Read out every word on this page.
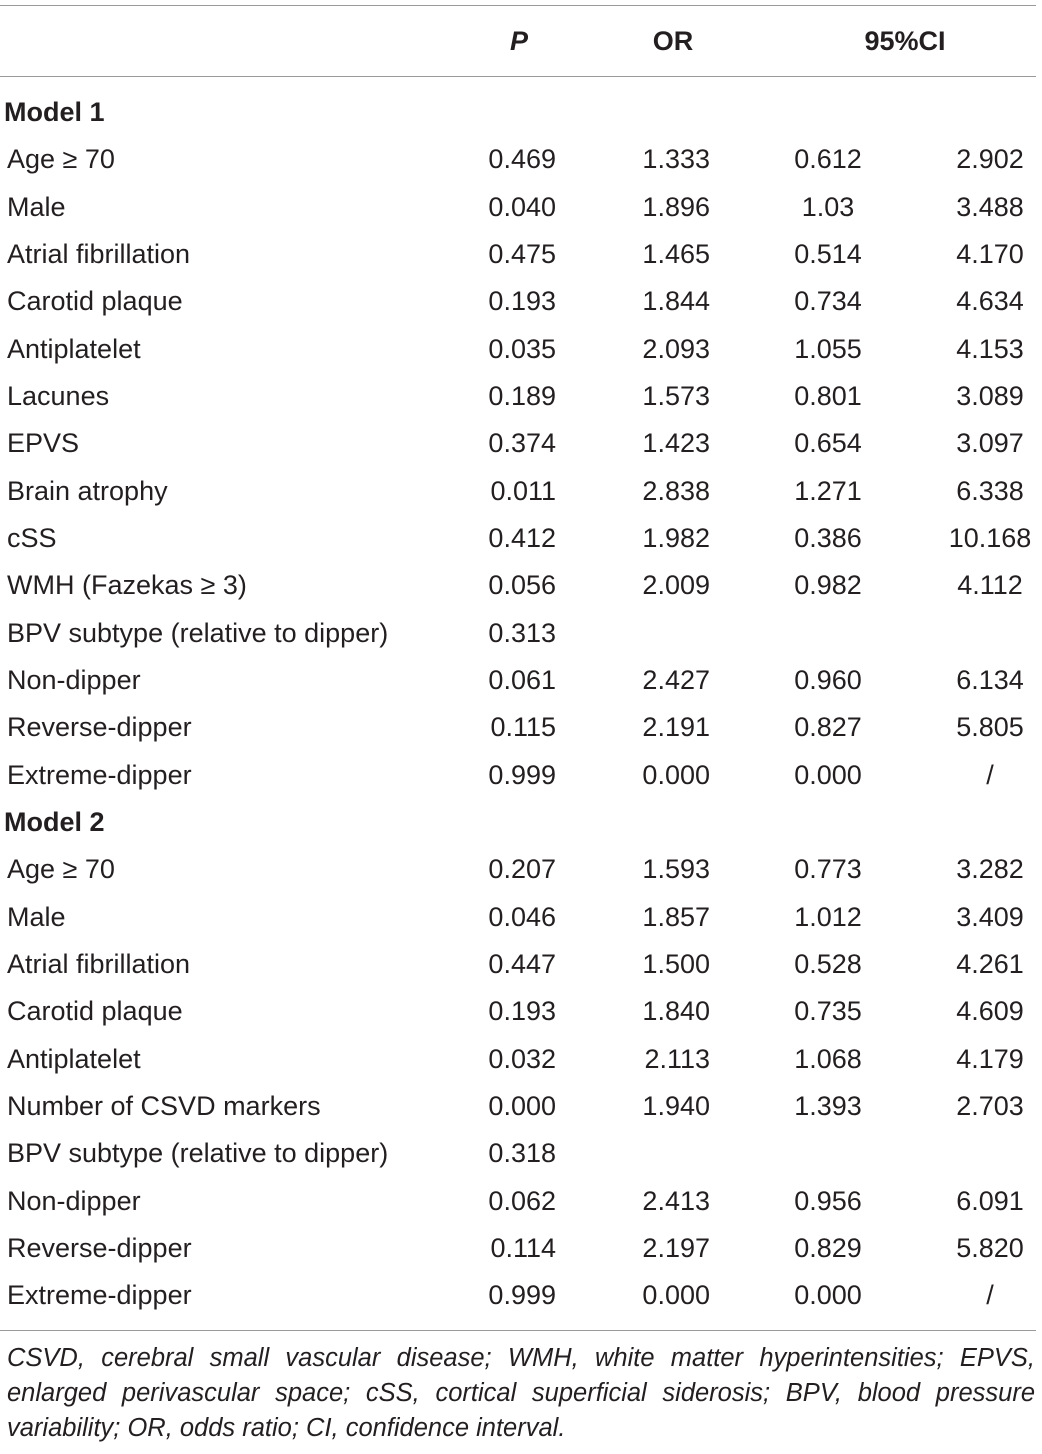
P	OR	95%CI
Model 1
Age ≥ 70	0.469	1.333	0.612	2.902
Male	0.040	1.896	1.03	3.488
Atrial fibrillation	0.475	1.465	0.514	4.170
Carotid plaque	0.193	1.844	0.734	4.634
Antiplatelet	0.035	2.093	1.055	4.153
Lacunes	0.189	1.573	0.801	3.089
EPVS	0.374	1.423	0.654	3.097
Brain atrophy	0.011	2.838	1.271	6.338
cSS	0.412	1.982	0.386	10.168
WMH (Fazekas ≥ 3)	0.056	2.009	0.982	4.112
BPV subtype (relative to dipper)	0.313
Non-dipper	0.061	2.427	0.960	6.134
Reverse-dipper	0.115	2.191	0.827	5.805
Extreme-dipper	0.999	0.000	0.000	/
Model 2
Age ≥ 70	0.207	1.593	0.773	3.282
Male	0.046	1.857	1.012	3.409
Atrial fibrillation	0.447	1.500	0.528	4.261
Carotid plaque	0.193	1.840	0.735	4.609
Antiplatelet	0.032	2.113	1.068	4.179
Number of CSVD markers	0.000	1.940	1.393	2.703
BPV subtype (relative to dipper)	0.318
Non-dipper	0.062	2.413	0.956	6.091
Reverse-dipper	0.114	2.197	0.829	5.820
Extreme-dipper	0.999	0.000	0.000	/
CSVD, cerebral small vascular disease; WMH, white matter hyperintensities; EPVS, enlarged perivascular space; cSS, cortical superficial siderosis; BPV, blood pressure variability; OR, odds ratio; CI, confidence interval.
